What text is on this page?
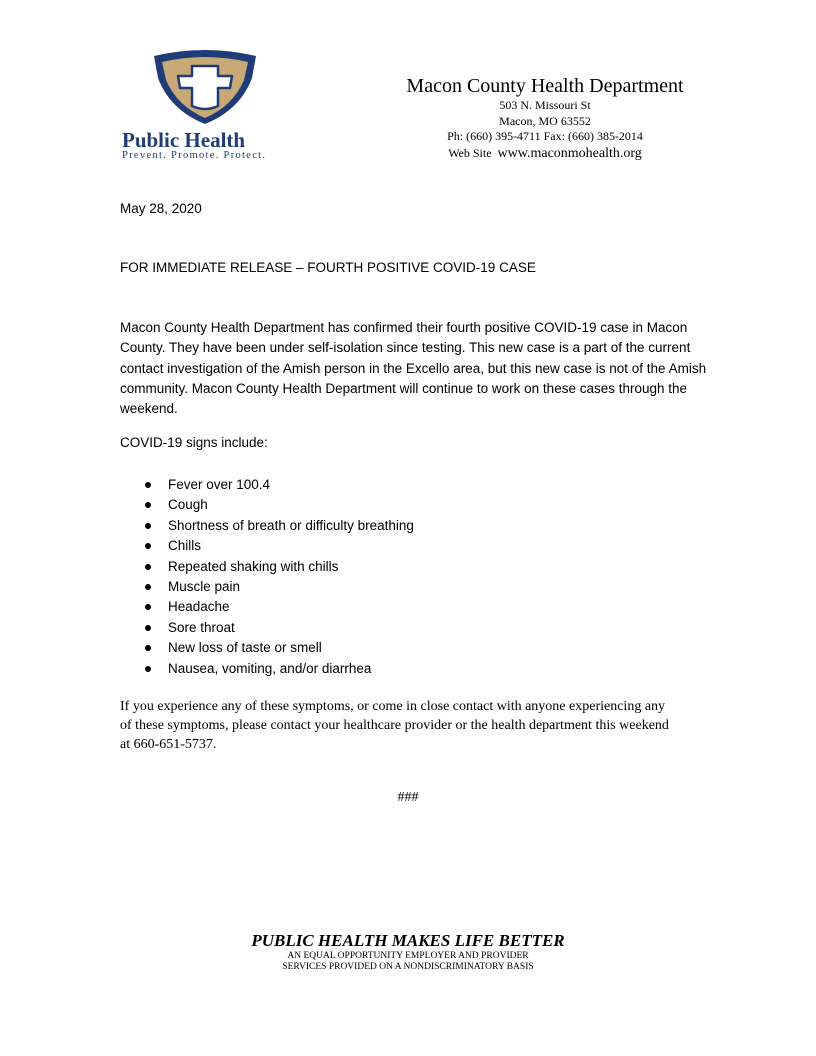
Public Health
Prevent. Promote. Protect.
Macon County Health Department
503 N. Missouri St
Macon, MO 63552
Ph: (660) 395-4711 Fax: (660) 385-2014
Web Site www.maconmohealth.org
May 28, 2020
FOR IMMEDIATE RELEASE – FOURTH POSITIVE COVID-19 CASE
Macon County Health Department has confirmed their fourth positive COVID-19 case in Macon County. They have been under self-isolation since testing. This new case is a part of the current contact investigation of the Amish person in the Excello area, but this new case is not of the Amish community. Macon County Health Department will continue to work on these cases through the weekend.
COVID-19 signs include:
Fever over 100.4
Cough
Shortness of breath or difficulty breathing
Chills
Repeated shaking with chills
Muscle pain
Headache
Sore throat
New loss of taste or smell
Nausea, vomiting, and/or diarrhea
If you experience any of these symptoms, or come in close contact with anyone experiencing any of these symptoms, please contact your healthcare provider or the health department this weekend at 660-651-5737.
###
PUBLIC HEALTH MAKES LIFE BETTER
AN EQUAL OPPORTUNITY EMPLOYER AND PROVIDER
SERVICES PROVIDED ON A NONDISCRIMINATORY BASIS
